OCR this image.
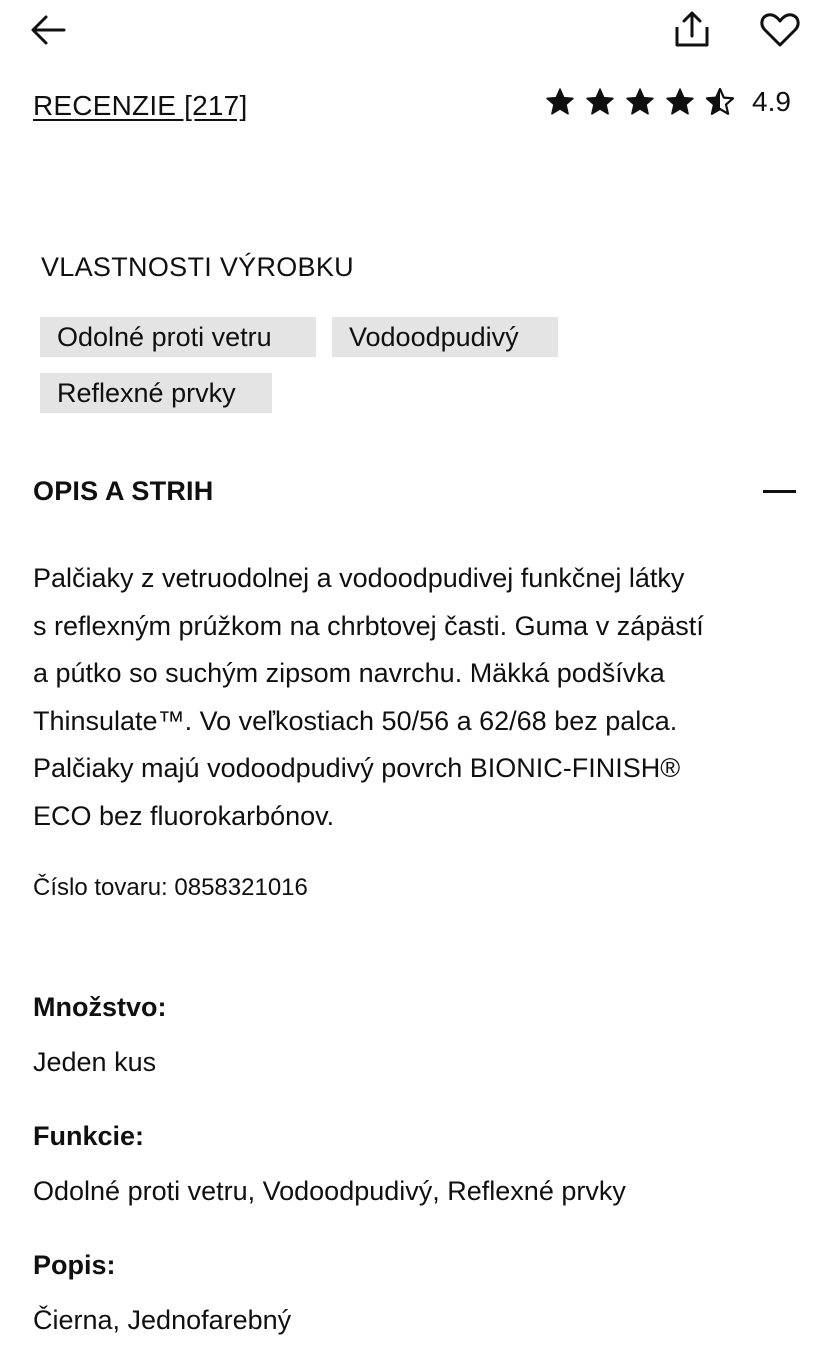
RECENZIE [217]	4.9
VLASTNOSTI VÝROBKU
Odolné proti vetru	Vodoodpudivý
Reflexné prvky
OPIS A STRIH
Palčiaky z vetruodolnej a vodoodpudivej funkčnej látky
s reflexným prúžkom na chrbtovej časti. Guma v zápästí
a pútko so suchým zipsom navrchu. Mäkká podšívka
Thinsulate™. Vo veľkostiach 50/56 a 62/68 bez palca.
Palčiaky majú vodoodpudivý povrch BIONIC-FINISH®
ECO bez fluorokarbónov.
Číslo tovaru: 0858321016
Množstvo:
Jeden kus
Funkcie:
Odolné proti vetru, Vodoodpudivý, Reflexné prvky
Popis:
Čierna, Jednofarebný
